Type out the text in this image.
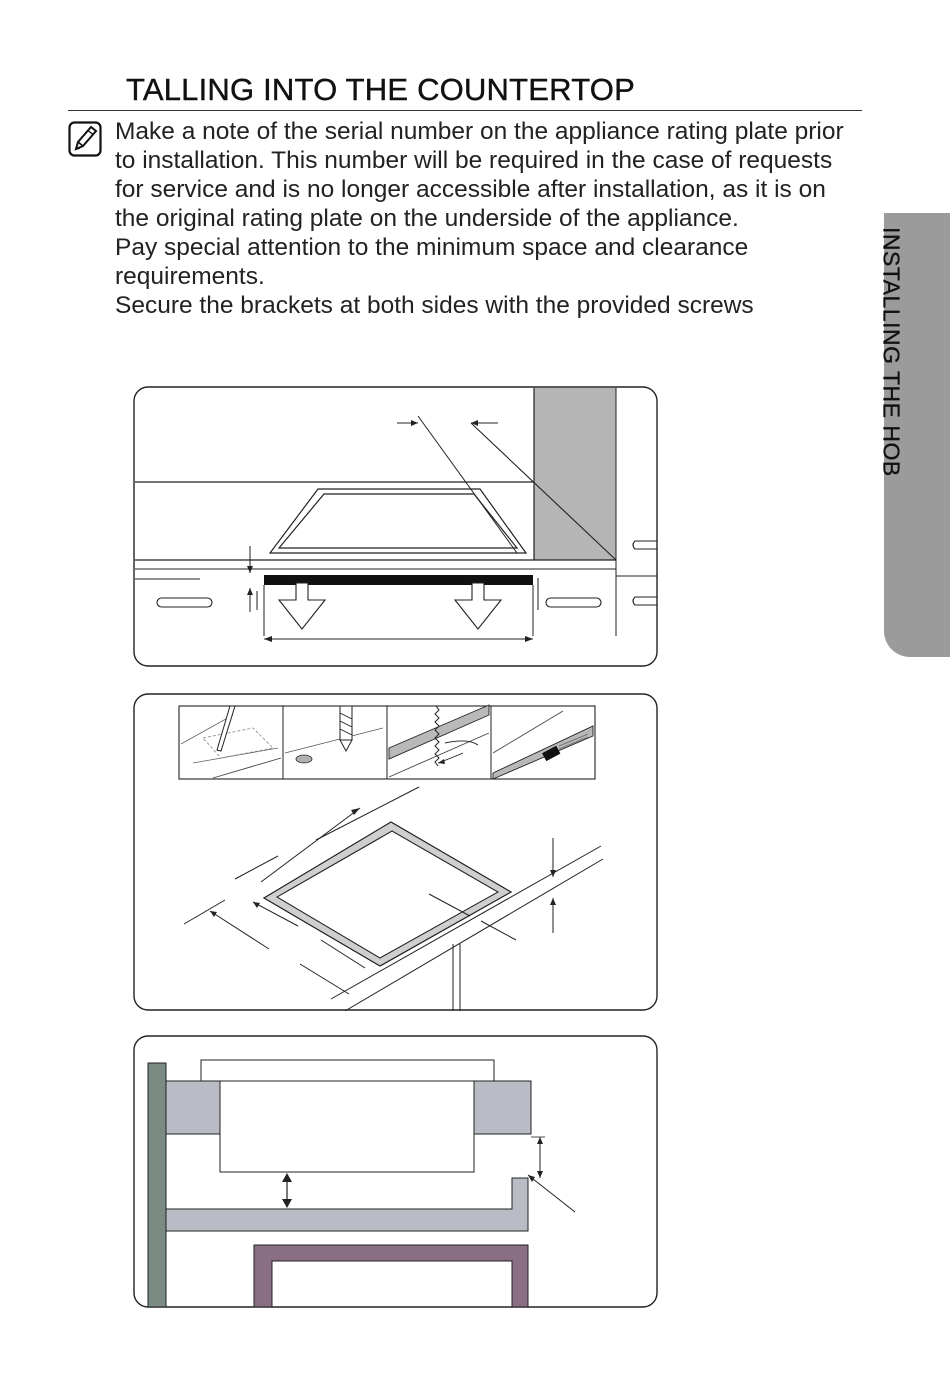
TALLING INTO THE COUNTERTOP

Make a note of the serial number on the appliance rating plate prior to installation. This number will be required in the case of requests for service and is no longer accessible after installation, as it is on the original rating plate on the underside of the appliance.

Pay special attention to the minimum space and clearance requirements.

Secure the brackets at both sides with the provided screws	INSTALLING THE HOB
